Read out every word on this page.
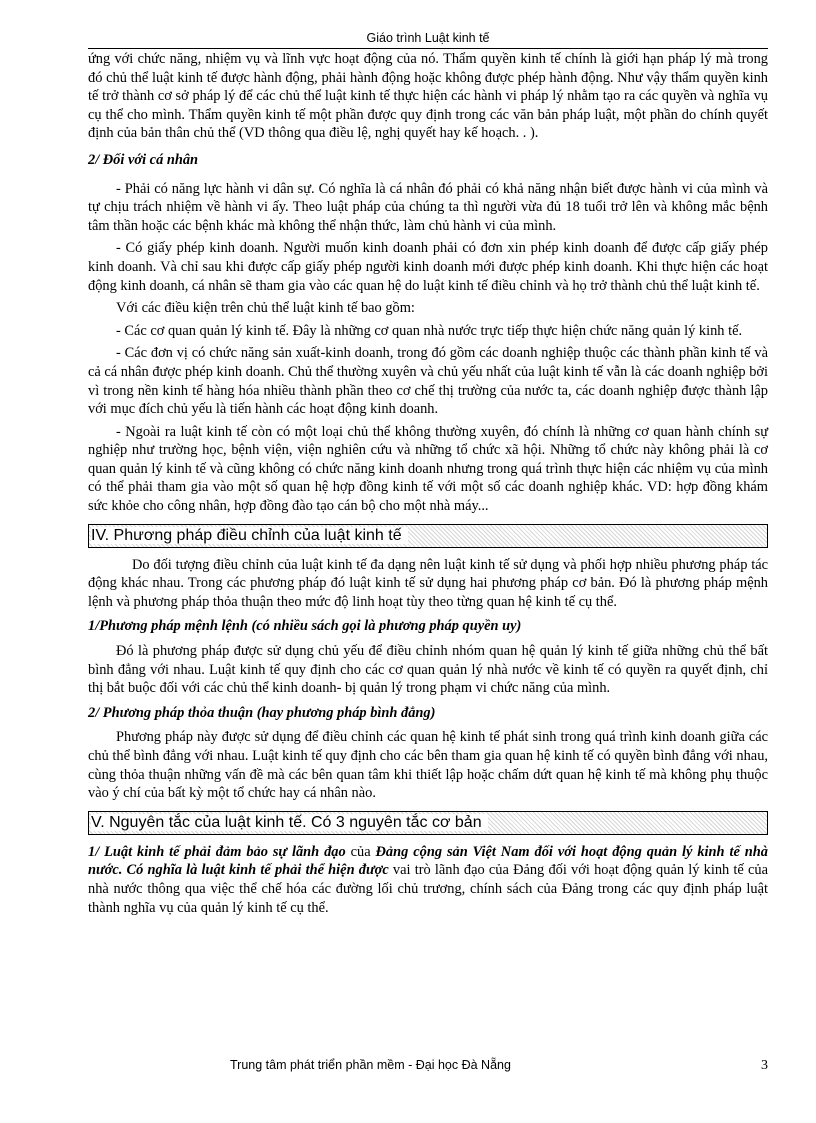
Giáo trình Luật kinh tế

ứng với chức năng, nhiệm vụ và lĩnh vực hoạt động của nó. Thẩm quyền kinh tế chính là giới hạn pháp lý mà trong đó chủ thể luật kinh tế được hành động, phải hành động hoặc không được phép hành động. Như vậy thẩm quyền kinh tế trở thành cơ sở pháp lý để các chủ thể luật kinh tế thực hiện các hành vi pháp lý nhằm tạo ra các quyền và nghĩa vụ cụ thể cho mình. Thẩm quyền kinh tế một phần được quy định trong các văn bản pháp luật, một phần do chính quyết định của bản thân chủ thể (VD thông qua điều lệ, nghị quyết hay kế hoạch. . ).

2/ Đối với cá nhân

- Phải có năng lực hành vi dân sự. Có nghĩa là cá nhân đó phải có khả năng nhận biết được hành vi của mình và tự chịu trách nhiệm về hành vi ấy. Theo luật pháp của chúng ta thì người vừa đủ 18 tuổi trở lên và không mắc bệnh tâm thần hoặc các bệnh khác mà không thể nhận thức, làm chủ hành vi của mình.

- Có giấy phép kinh doanh. Người muốn kinh doanh phải có đơn xin phép kinh doanh để được cấp giấy phép kinh doanh. Và chỉ sau khi được cấp giấy phép người kinh doanh mới được phép kinh doanh. Khi thực hiện các hoạt động kinh doanh, cá nhân sẽ tham gia vào các quan hệ do luật kinh tế điều chỉnh và họ trở thành chủ thể luật kinh tế.

Với các điều kiện trên chủ thể luật kinh tế bao gồm:

- Các cơ quan quản lý kinh tế. Đây là những cơ quan nhà nước trực tiếp thực hiện chức năng quản lý kinh tế.

- Các đơn vị có chức năng sản xuất-kinh doanh, trong đó gồm các doanh nghiệp thuộc các thành phần kinh tế và cả cá nhân được phép kinh doanh. Chủ thể thường xuyên và chủ yếu nhất của luật kinh tế vẫn là các doanh nghiệp bởi vì trong nền kinh tế hàng hóa nhiều thành phần theo cơ chế thị trường của nước ta, các doanh nghiệp được thành lập với mục đích chủ yếu là tiến hành các hoạt động kinh doanh.

- Ngoài ra luật kinh tế còn có một loại chủ thể không thường xuyên, đó chính là những cơ quan hành chính sự nghiệp như trường học, bệnh viện, viện nghiên cứu và những tổ chức xã hội. Những tổ chức này không phải là cơ quan quản lý kinh tế và cũng không có chức năng kinh doanh nhưng trong quá trình thực hiện các nhiệm vụ của mình có thể phải tham gia vào một số quan hệ hợp đồng kinh tế với một số các doanh nghiệp khác. VD: hợp đồng khám sức khỏe cho công nhân, hợp đồng đào tạo cán bộ cho một nhà máy...

IV. Phương pháp điều chỉnh của luật kinh tế

Do đối tượng điều chỉnh của luật kinh tế đa dạng nên luật kinh tế sử dụng và phối hợp nhiều phương pháp tác động khác nhau. Trong các phương pháp đó luật kinh tế sử dụng hai phương pháp cơ bản. Đó là phương pháp mệnh lệnh và phương pháp thỏa thuận theo mức độ linh hoạt tùy theo từng quan hệ kinh tế cụ thể.

1/Phương pháp mệnh lệnh (có nhiều sách gọi là phương pháp quyền uy)

Đó là phương pháp được sử dụng chủ yếu để điều chỉnh nhóm quan hệ quản lý kinh tế giữa những chủ thể bất bình đẳng với nhau. Luật kinh tế quy định cho các cơ quan quản lý nhà nước về kinh tế có quyền ra quyết định, chỉ thị bắt buộc đối với các chủ thể kinh doanh- bị quản lý trong phạm vi chức năng của mình.

2/ Phương pháp thỏa thuận (hay phương pháp bình đẳng)

Phương pháp này được sử dụng để điều chỉnh các quan hệ kinh tế phát sinh trong quá trình kinh doanh giữa các chủ thể bình đẳng với nhau. Luật kinh tế quy định cho các bên tham gia quan hệ kinh tế có quyền bình đẳng với nhau, cùng thỏa thuận những vấn đề mà các bên quan tâm khi thiết lập hoặc chấm dứt quan hệ kinh tế mà không phụ thuộc vào ý chí của bất kỳ một tổ chức hay cá nhân nào.

V. Nguyên tắc của luật kinh tế. Có 3 nguyên tắc cơ bản

1/ Luật kinh tế phải đảm bảo sự lãnh đạo của Đảng cộng sản Việt Nam đối với hoạt động quản lý kinh tế nhà nước. Có nghĩa là luật kinh tế phải thể hiện được vai trò lãnh đạo của Đảng đối với hoạt động quản lý kinh tế của nhà nước thông qua việc thể chế hóa các đường lối chủ trương, chính sách của Đảng trong các quy định pháp luật thành nghĩa vụ của quản lý kinh tế cụ thể.

Trung tâm phát triển phần mềm - Đại học Đà Nẵng	3
